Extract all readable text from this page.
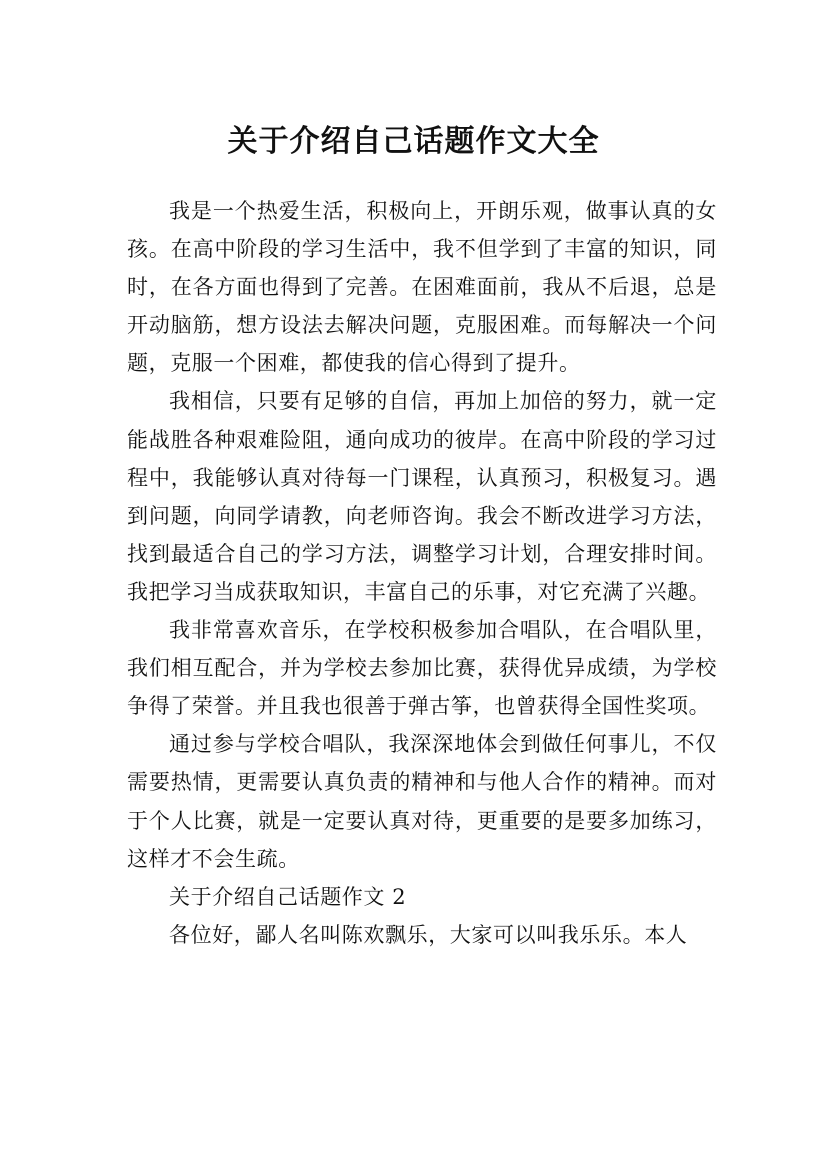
关于介绍自己话题作文大全

我是一个热爱生活，积极向上，开朗乐观，做事认真的女孩。在高中阶段的学习生活中，我不但学到了丰富的知识，同时，在各方面也得到了完善。在困难面前，我从不后退，总是开动脑筋，想方设法去解决问题，克服困难。而每解决一个问题，克服一个困难，都使我的信心得到了提升。

我相信，只要有足够的自信，再加上加倍的努力，就一定能战胜各种艰难险阻，通向成功的彼岸。在高中阶段的学习过程中，我能够认真对待每一门课程，认真预习，积极复习。遇到问题，向同学请教，向老师咨询。我会不断改进学习方法，找到最适合自己的学习方法，调整学习计划，合理安排时间。我把学习当成获取知识，丰富自己的乐事，对它充满了兴趣。

我非常喜欢音乐，在学校积极参加合唱队，在合唱队里，我们相互配合，并为学校去参加比赛，获得优异成绩，为学校争得了荣誉。并且我也很善于弹古筝，也曾获得全国性奖项。

通过参与学校合唱队，我深深地体会到做任何事儿，不仅需要热情，更需要认真负责的精神和与他人合作的精神。而对于个人比赛，就是一定要认真对待，更重要的是要多加练习，这样才不会生疏。

关于介绍自己话题作文 2

各位好，鄙人名叫陈欢飘乐，大家可以叫我乐乐。本人
